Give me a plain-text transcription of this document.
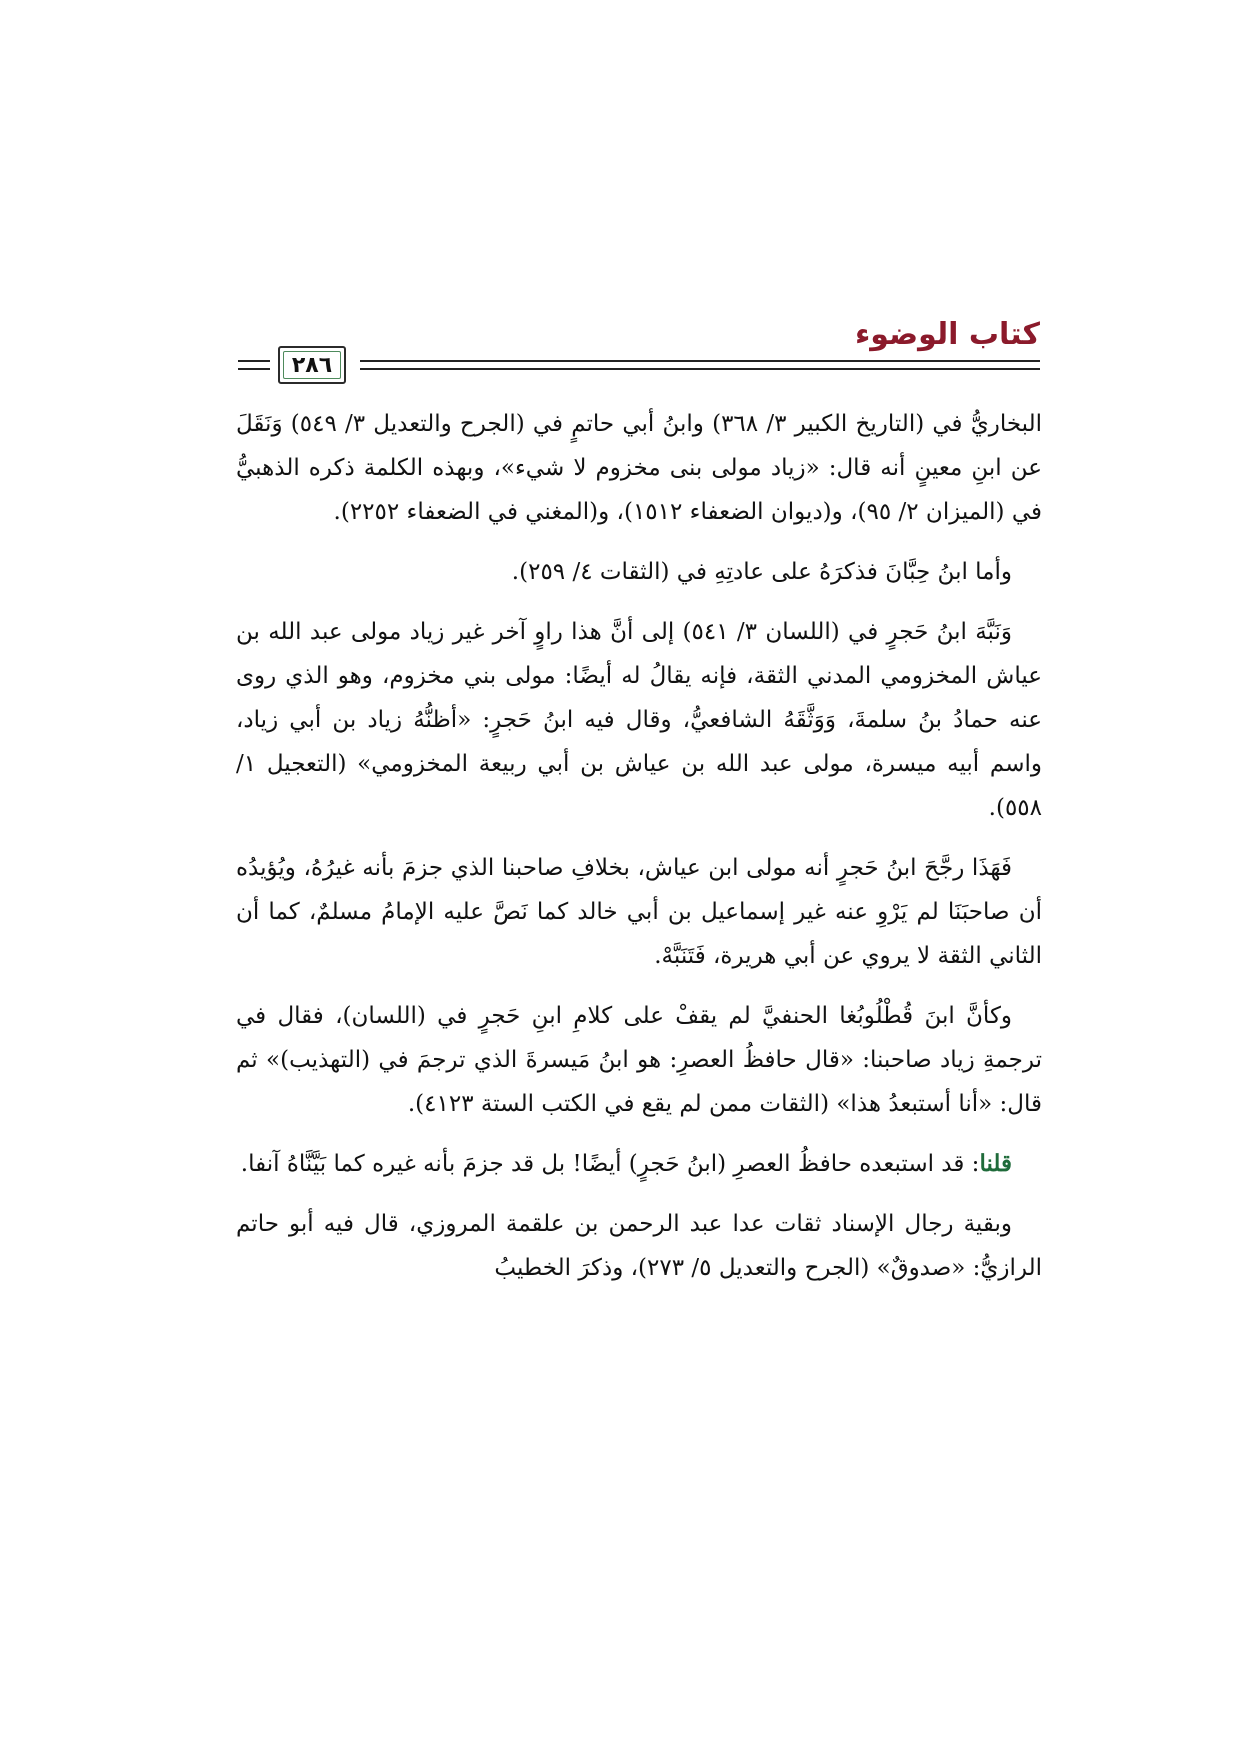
كتاب الوضوء
٢٨٦

البخاريُّ في (التاريخ الكبير ٣/ ٣٦٨) وابنُ أبي حاتمٍ في (الجرح والتعديل ٣/ ٥٤٩) وَنَقَلَ عن ابنِ معينٍ أنه قال: «زياد مولى بنى مخزوم لا شيء»، وبهذه الكلمة ذكره الذهبيُّ في (الميزان ٢/ ٩٥)، و(ديوان الضعفاء ١٥١٢)، و(المغني في الضعفاء ٢٢٥٢).

وأما ابنُ حِبَّانَ فذكرَهُ على عادتِهِ في (الثقات ٤/ ٢٥٩).

وَنَبَّهَ ابنُ حَجرٍ في (اللسان ٣/ ٥٤١) إلى أنَّ هذا راوٍ آخر غير زياد مولى عبد الله بن عياش المخزومي المدني الثقة، فإنه يقالُ له أيضًا: مولى بني مخزوم، وهو الذي روى عنه حمادُ بنُ سلمةَ، وَوَثَّقَهُ الشافعيُّ، وقال فيه ابنُ حَجرٍ: «أظنُّهُ زياد بن أبي زياد، واسم أبيه ميسرة، مولى عبد الله بن عياش بن أبي ربيعة المخزومي» (التعجيل ١/ ٥٥٨).

فَهَذَا رجَّحَ ابنُ حَجرٍ أنه مولى ابن عياش، بخلافِ صاحبنا الذي جزمَ بأنه غيرُهُ، ويُؤيدُه أن صاحبَنَا لم يَرْوِ عنه غير إسماعيل بن أبي خالد كما نَصَّ عليه الإمامُ مسلمٌ، كما أن الثاني الثقة لا يروي عن أبي هريرة، فَتَنَبَّهْ.

وكأنَّ ابنَ قُطْلُوبُغا الحنفيَّ لم يقفْ على كلامِ ابنِ حَجرٍ في (اللسان)، فقال في ترجمةِ زياد صاحبنا: «قال حافظُ العصرِ: هو ابنُ مَيسرةَ الذي ترجمَ في (التهذيب)» ثم قال: «أنا أستبعدُ هذا» (الثقات ممن لم يقع في الكتب الستة ٤١٢٣).

قلنا: قد استبعده حافظُ العصرِ (ابنُ حَجرٍ) أيضًا! بل قد جزمَ بأنه غيره كما بَيَّنَّاهُ آنفا.

وبقية رجال الإسناد ثقات عدا عبد الرحمن بن علقمة المروزي، قال فيه أبو حاتم الرازيُّ: «صدوقٌ» (الجرح والتعديل ٥/ ٢٧٣)، وذكرَ الخطيبُ
